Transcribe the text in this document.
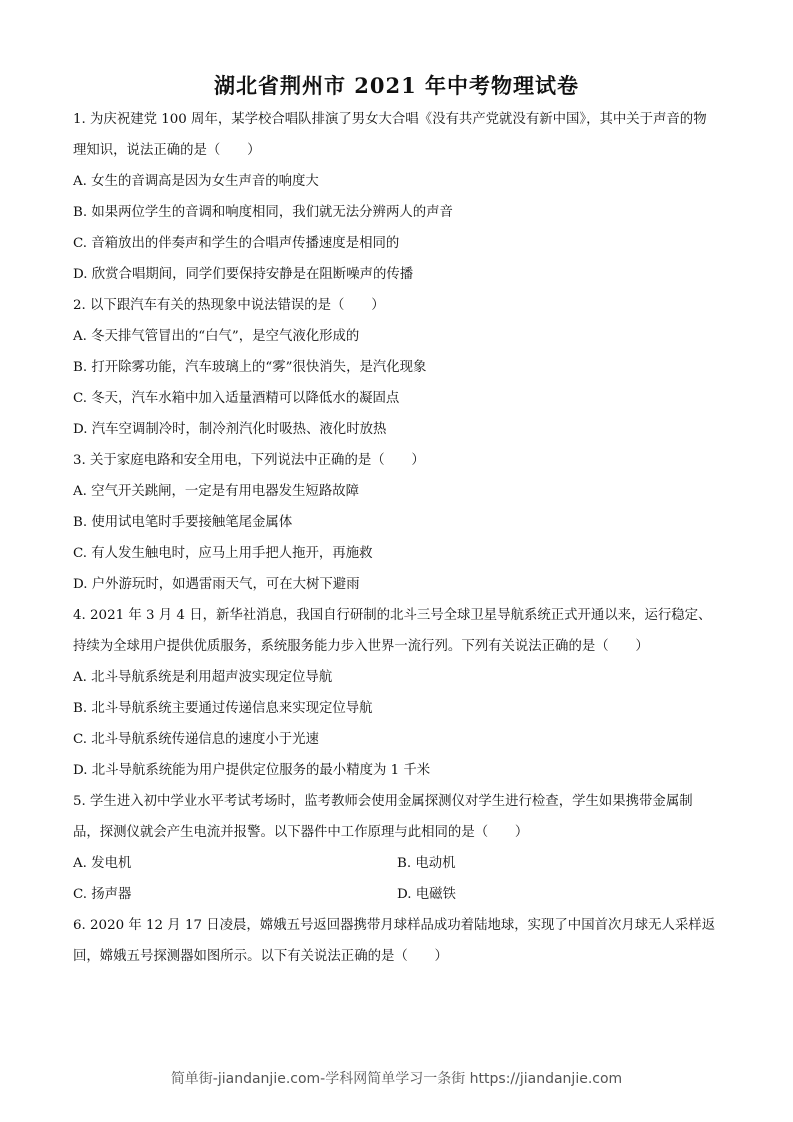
湖北省荆州市 2021 年中考物理试卷
1. 为庆祝建党 100 周年，某学校合唱队排演了男女大合唱《没有共产党就没有新中国》，其中关于声音的物
理知识，说法正确的是（　　）
A. 女生的音调高是因为女生声音的响度大
B. 如果两位学生的音调和响度相同，我们就无法分辨两人的声音
C. 音箱放出的伴奏声和学生的合唱声传播速度是相同的
D. 欣赏合唱期间，同学们要保持安静是在阻断噪声的传播
2. 以下跟汽车有关的热现象中说法错误的是（　　）
A. 冬天排气管冒出的“白气”，是空气液化形成的
B. 打开除雾功能，汽车玻璃上的“雾”很快消失，是汽化现象
C. 冬天，汽车水箱中加入适量酒精可以降低水的凝固点
D. 汽车空调制冷时，制冷剂汽化时吸热、液化时放热
3. 关于家庭电路和安全用电，下列说法中正确的是（　　）
A. 空气开关跳闸，一定是有用电器发生短路故障
B. 使用试电笔时手要接触笔尾金属体
C. 有人发生触电时，应马上用手把人拖开，再施救
D. 户外游玩时，如遇雷雨天气，可在大树下避雨
4. 2021 年 3 月 4 日，新华社消息，我国自行研制的北斗三号全球卫星导航系统正式开通以来，运行稳定、
持续为全球用户提供优质服务，系统服务能力步入世界一流行列。下列有关说法正确的是（　　）
A. 北斗导航系统是利用超声波实现定位导航
B. 北斗导航系统主要通过传递信息来实现定位导航
C. 北斗导航系统传递信息的速度小于光速
D. 北斗导航系统能为用户提供定位服务的最小精度为 1 千米
5. 学生进入初中学业水平考试考场时，监考教师会使用金属探测仪对学生进行检查，学生如果携带金属制
品，探测仪就会产生电流并报警。以下器件中工作原理与此相同的是（　　）
A. 发电机	B. 电动机
C. 扬声器	D. 电磁铁
6. 2020 年 12 月 17 日凌晨，嫦娥五号返回器携带月球样品成功着陆地球，实现了中国首次月球无人采样返
回，嫦娥五号探测器如图所示。以下有关说法正确的是（　　）
简单街-jiandanjie.com-学科网简单学习一条街 https://jiandanjie.com
